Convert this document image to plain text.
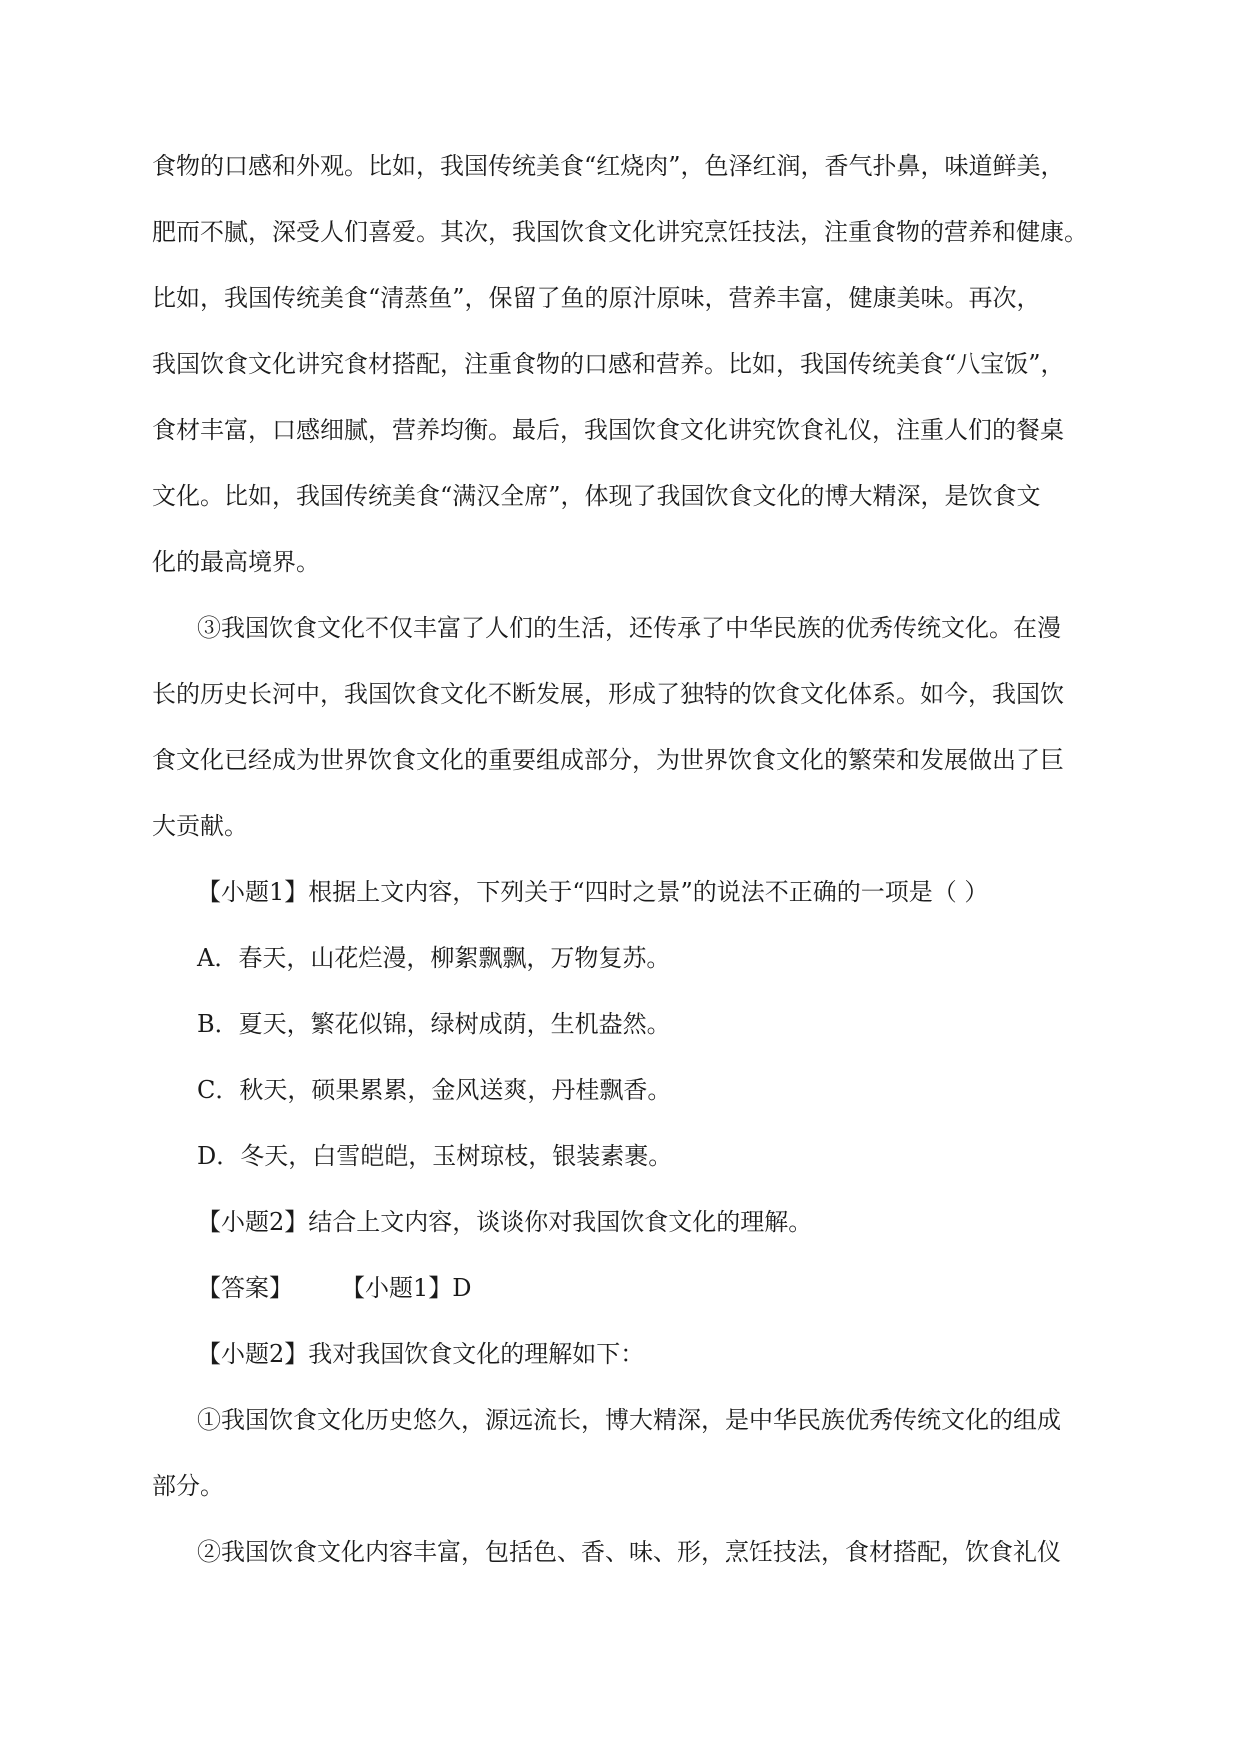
食物的口感和外观。比如，我国传统美食“红烧肉”，色泽红润，香气扑鼻，味道鲜美，
肥而不腻，深受人们喜爱。其次，我国饮食文化讲究烹饪技法，注重食物的营养和健康。
比如，我国传统美食“清蒸鱼”，保留了鱼的原汁原味，营养丰富，健康美味。再次，
我国饮食文化讲究食材搭配，注重食物的口感和营养。比如，我国传统美食“八宝饭”，
食材丰富，口感细腻，营养均衡。最后，我国饮食文化讲究饮食礼仪，注重人们的餐桌
文化。比如，我国传统美食“满汉全席”，体现了我国饮食文化的博大精深，是饮食文
化的最高境界。
③我国饮食文化不仅丰富了人们的生活，还传承了中华民族的优秀传统文化。在漫
长的历史长河中，我国饮食文化不断发展，形成了独特的饮食文化体系。如今，我国饮
食文化已经成为世界饮食文化的重要组成部分，为世界饮食文化的繁荣和发展做出了巨
大贡献。
【小题1】根据上文内容，下列关于“四时之景”的说法不正确的一项是（ ）
A．春天，山花烂漫，柳絮飘飘，万物复苏。
B．夏天，繁花似锦，绿树成荫，生机盎然。
C．秋天，硕果累累，金风送爽，丹桂飘香。
D．冬天，白雪皑皑，玉树琼枝，银装素裹。
【小题2】结合上文内容，谈谈你对我国饮食文化的理解。
【答案】　　　【小题1】D
【小题2】我对我国饮食文化的理解如下：
①我国饮食文化历史悠久，源远流长，博大精深，是中华民族优秀传统文化的组成
部分。
②我国饮食文化内容丰富，包括色、香、味、形，烹饪技法，食材搭配，饮食礼仪
